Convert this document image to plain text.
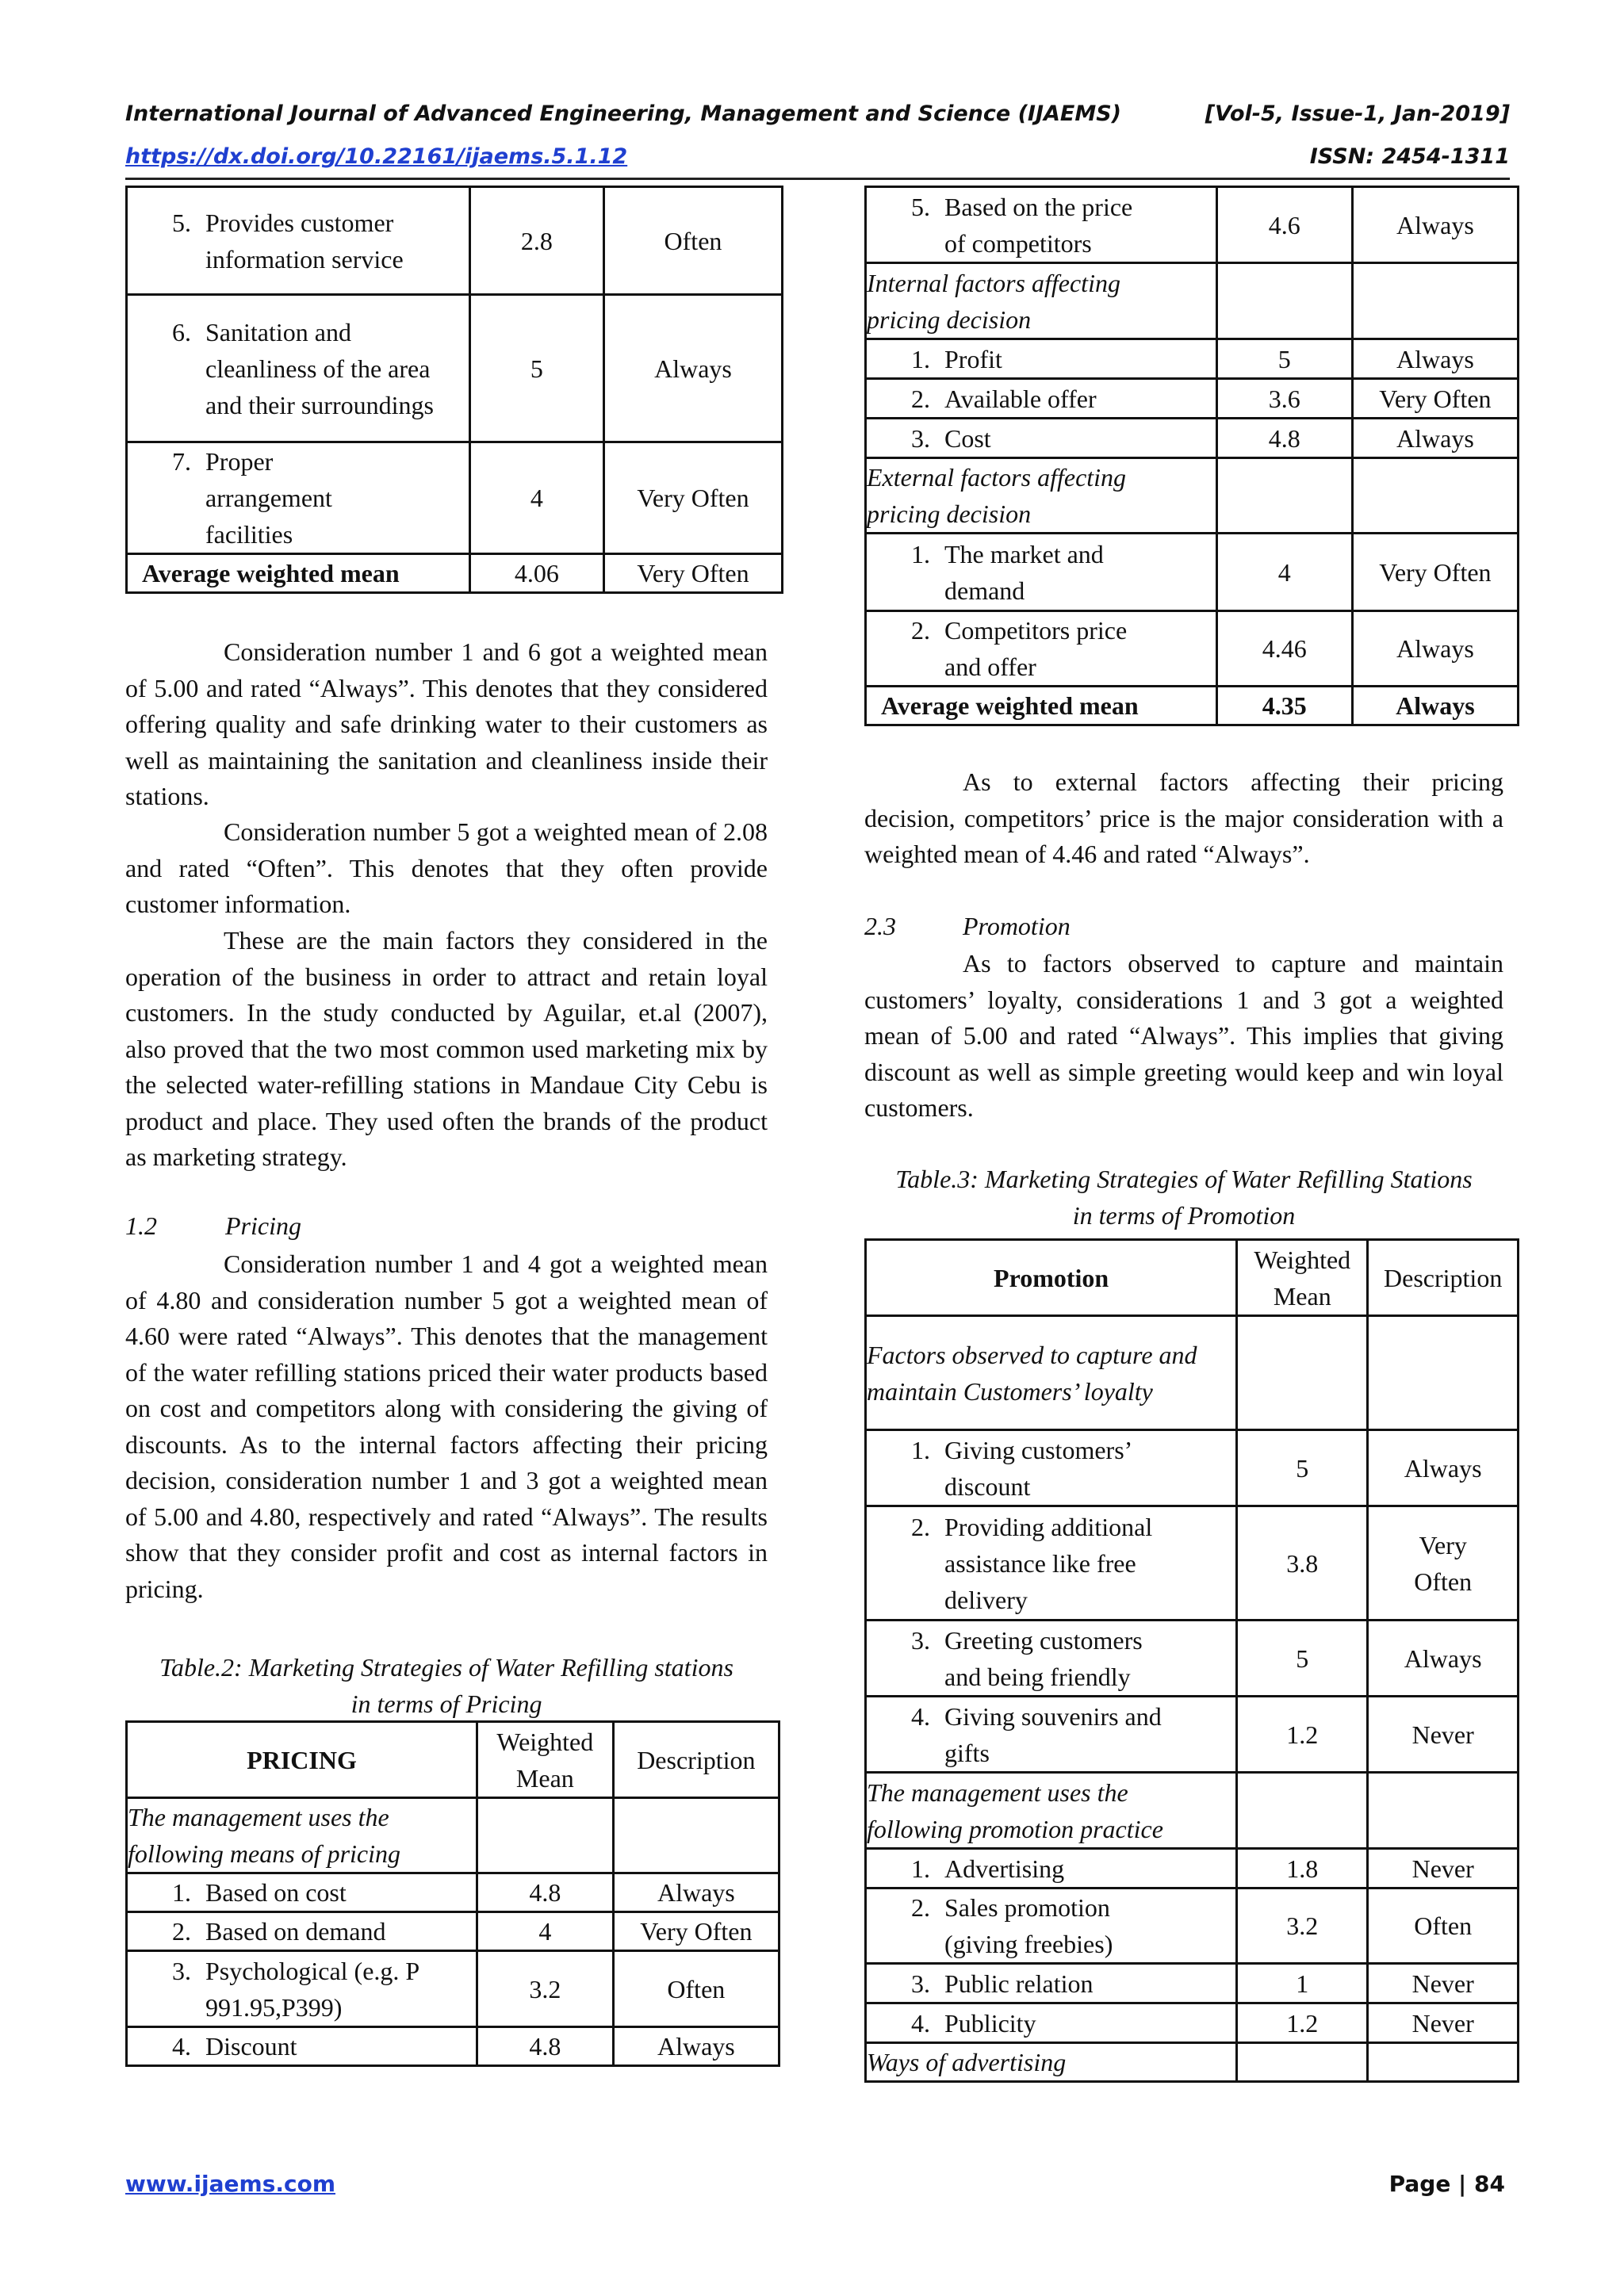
International Journal of Advanced Engineering, Management and Science (IJAEMS)	[Vol-5, Issue-1, Jan-2019]
https://dx.doi.org/10.22161/ijaems.5.1.12	ISSN: 2454-1311
5. Provides customer information service	2.8	Often

6. Sanitation and cleanliness of the area and their surroundings	5	Always

7. Proper arrangement facilities	4	Very Often
Average weighted mean	4.06	Very Often
Consideration number 1 and 6 got a weighted mean of 5.00 and rated “Always”. This denotes that they considered offering quality and safe drinking water to their customers as well as maintaining the sanitation and cleanliness inside their stations.
Consideration number 5 got a weighted mean of 2.08 and rated “Often”. This denotes that they often provide customer information.
These are the main factors they considered in the operation of the business in order to attract and retain loyal customers. In the study conducted by Aguilar, et.al (2007), also proved that the two most common used marketing mix by the selected water-refilling stations in Mandaue City Cebu is product and place. They used often the brands of the product as marketing strategy.
1.2	Pricing
Consideration number 1 and 4 got a weighted mean of 4.80 and consideration number 5 got a weighted mean of 4.60 were rated “Always”. This denotes that the management of the water refilling stations priced their water products based on cost and competitors along with considering the giving of discounts. As to the internal factors affecting their pricing decision, consideration number 1 and 3 got a weighted mean of 5.00 and 4.80, respectively and rated “Always”. The results show that they consider profit and cost as internal factors in pricing.
Table.2: Marketing Strategies of Water Refilling stations
in terms of Pricing
PRICING	Weighted Mean	Description
The management uses the following means of pricing		

1. Based on cost	4.8	Always

2. Based on demand	4	Very Often

3. Psychological (e.g. P 991.95,P399)	3.2	Often

4. Discount	4.8	Always
5. Based on the price of competitors	4.6	Always
Internal factors affecting pricing decision		

1. Profit	5	Always

2. Available offer	3.6	Very Often

3. Cost	4.8	Always
External factors affecting pricing decision		

1. The market and demand	4	Very Often

2. Competitors price and offer	4.46	Always
Average weighted mean	4.35	Always
As to external factors affecting their pricing decision, competitors’ price is the major consideration with a weighted mean of 4.46 and rated “Always”.
2.3	Promotion
As to factors observed to capture and maintain customers’ loyalty, considerations 1 and 3 got a weighted mean of 5.00 and rated “Always”. This implies that giving discount as well as simple greeting would keep and win loyal customers.
Table.3: Marketing Strategies of Water Refilling Stations
in terms of Promotion
Promotion	Weighted Mean	Description
Factors observed to capture and maintain Customers’ loyalty		

1. Giving customers’ discount	5	Always

2. Providing additional assistance like free delivery	3.8	Very Often

3. Greeting customers and being friendly	5	Always

4. Giving souvenirs and gifts	1.2	Never
The management uses the following promotion practice		

1. Advertising	1.8	Never

2. Sales promotion (giving freebies)	3.2	Often

3. Public relation	1	Never

4. Publicity	1.2	Never
Ways of advertising		
www.ijaems.com	Page | 84
